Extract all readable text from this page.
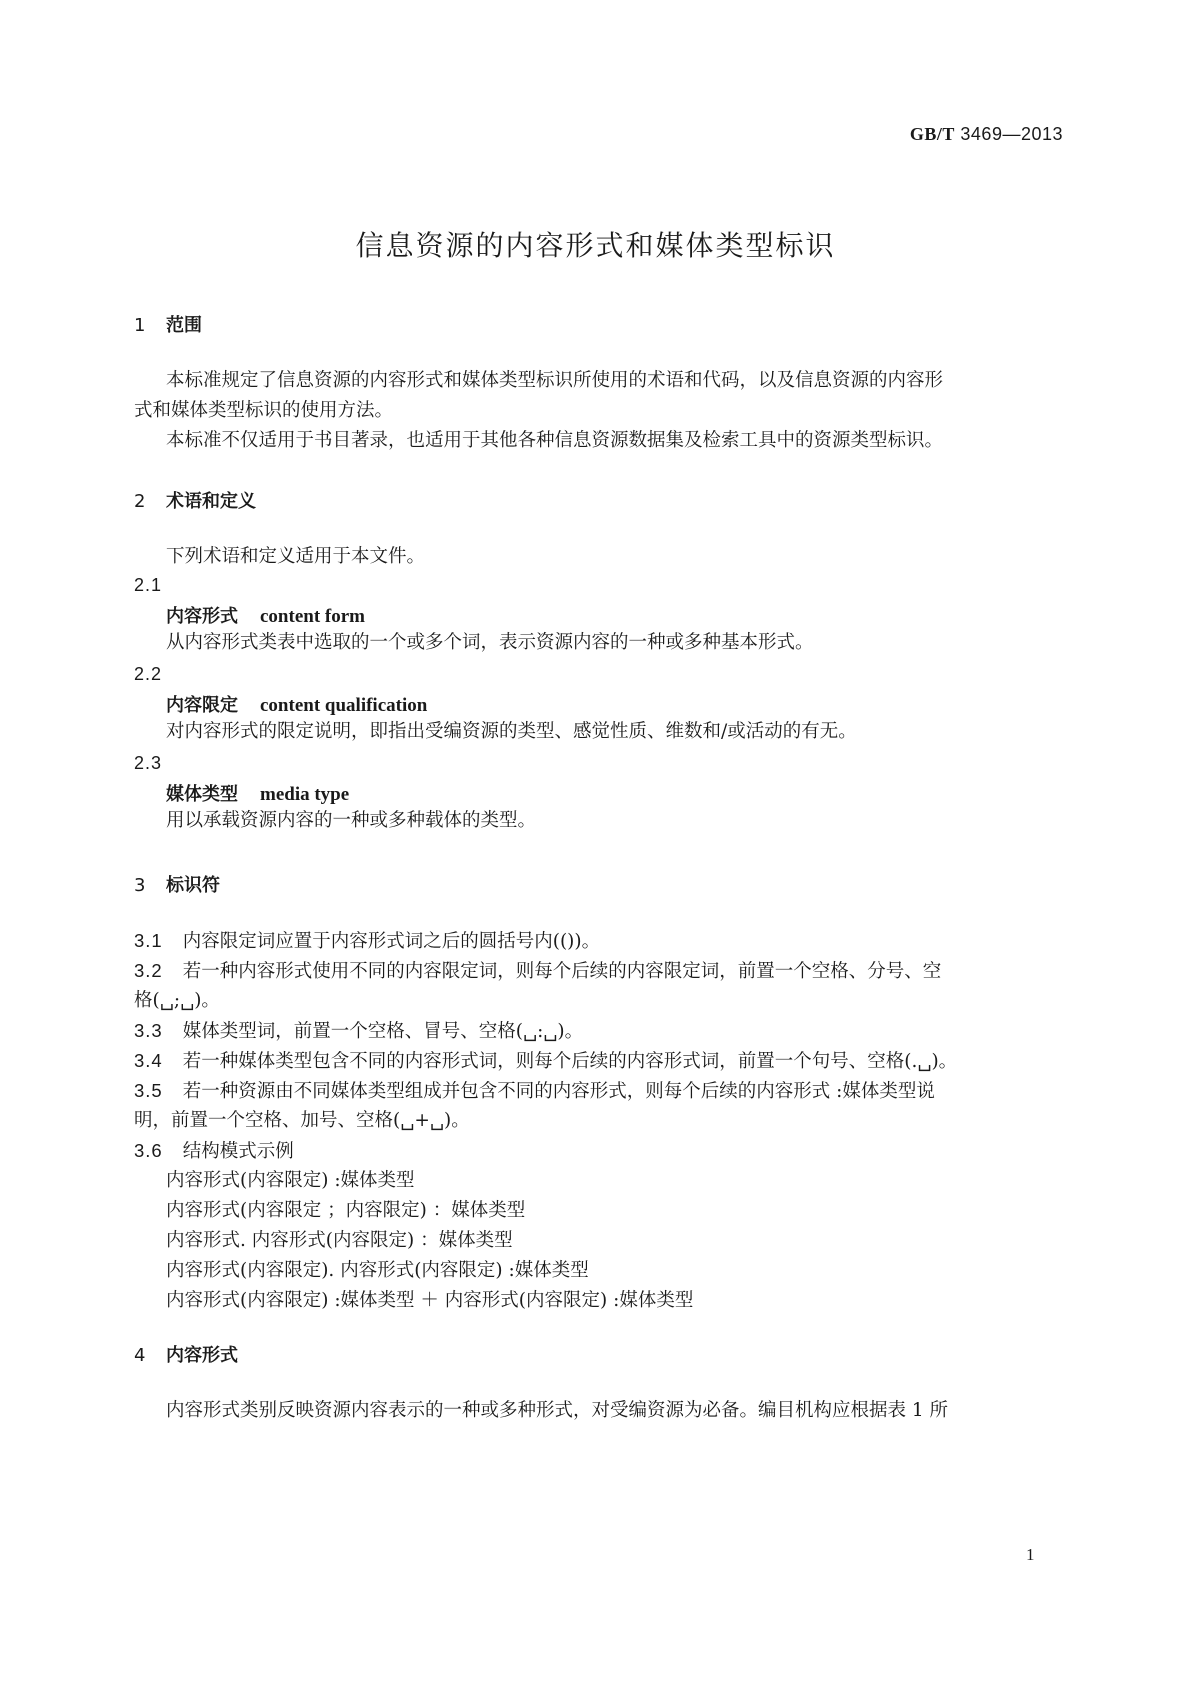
GB/T 3469—2013
信息资源的内容形式和媒体类型标识
1 范围
本标准规定了信息资源的内容形式和媒体类型标识所使用的术语和代码，以及信息资源的内容形
式和媒体类型标识的使用方法。
本标准不仅适用于书目著录，也适用于其他各种信息资源数据集及检索工具中的资源类型标识。
2 术语和定义
下列术语和定义适用于本文件。
2.1
内容形式 content form
从内容形式类表中选取的一个或多个词，表示资源内容的一种或多种基本形式。
2.2
内容限定 content qualification
对内容形式的限定说明，即指出受编资源的类型、感觉性质、维数和/或活动的有无。
2.3
媒体类型 media type
用以承载资源内容的一种或多种载体的类型。
3 标识符
3.1 内容限定词应置于内容形式词之后的圆括号内(())。
3.2 若一种内容形式使用不同的内容限定词，则每个后续的内容限定词，前置一个空格、分号、空
格(␣;␣)。
3.3 媒体类型词，前置一个空格、冒号、空格(␣:␣)。
3.4 若一种媒体类型包含不同的内容形式词，则每个后续的内容形式词，前置一个句号、空格(.␣)。
3.5 若一种资源由不同媒体类型组成并包含不同的内容形式，则每个后续的内容形式 :媒体类型说
明，前置一个空格、加号、空格(␣+␣)。
3.6 结构模式示例
内容形式(内容限定) :媒体类型
内容形式(内容限定 ；内容限定) ：媒体类型
内容形式. 内容形式(内容限定) ：媒体类型
内容形式(内容限定). 内容形式(内容限定) :媒体类型
内容形式(内容限定) :媒体类型 ＋ 内容形式(内容限定) :媒体类型
4 内容形式
内容形式类别反映资源内容表示的一种或多种形式，对受编资源为必备。编目机构应根据表 1 所
1
